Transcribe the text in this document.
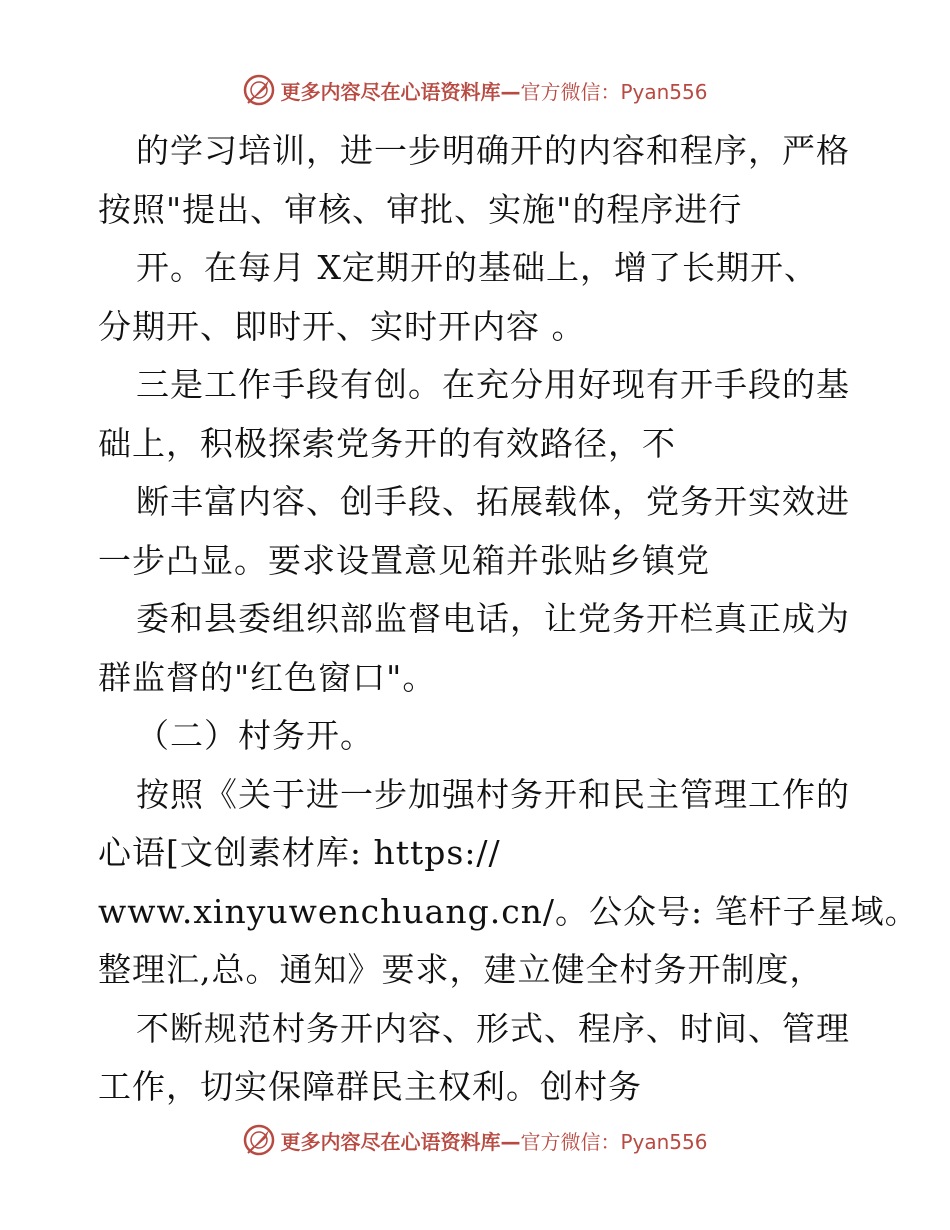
更多内容尽在心语资料库—官方微信：Pyan556
的学习培训，进一步明确开的内容和程序，严格
按照"提出、审核、审批、实施"的程序进行
开。在每月 X定期开的基础上，增了长期开、
分期开、即时开、实时开内容 。
三是工作手段有创。在充分用好现有开手段的基
础上，积极探索党务开的有效路径，不
断丰富内容、创手段、拓展载体，党务开实效进
一步凸显。要求设置意见箱并张贴乡镇党
委和县委组织部监督电话，让党务开栏真正成为
群监督的"红色窗口"。
（二）村务开。
按照《关于进一步加强村务开和民主管理工作的
心语[文创素材库: https://
www.xinyuwenchuang.cn/。公众号: 笔杆子星域。
整理汇,总。通知》要求，建立健全村务开制度，
不断规范村务开内容、形式、程序、时间、管理
工作，切实保障群民主权利。创村务
更多内容尽在心语资料库—官方微信：Pyan556
